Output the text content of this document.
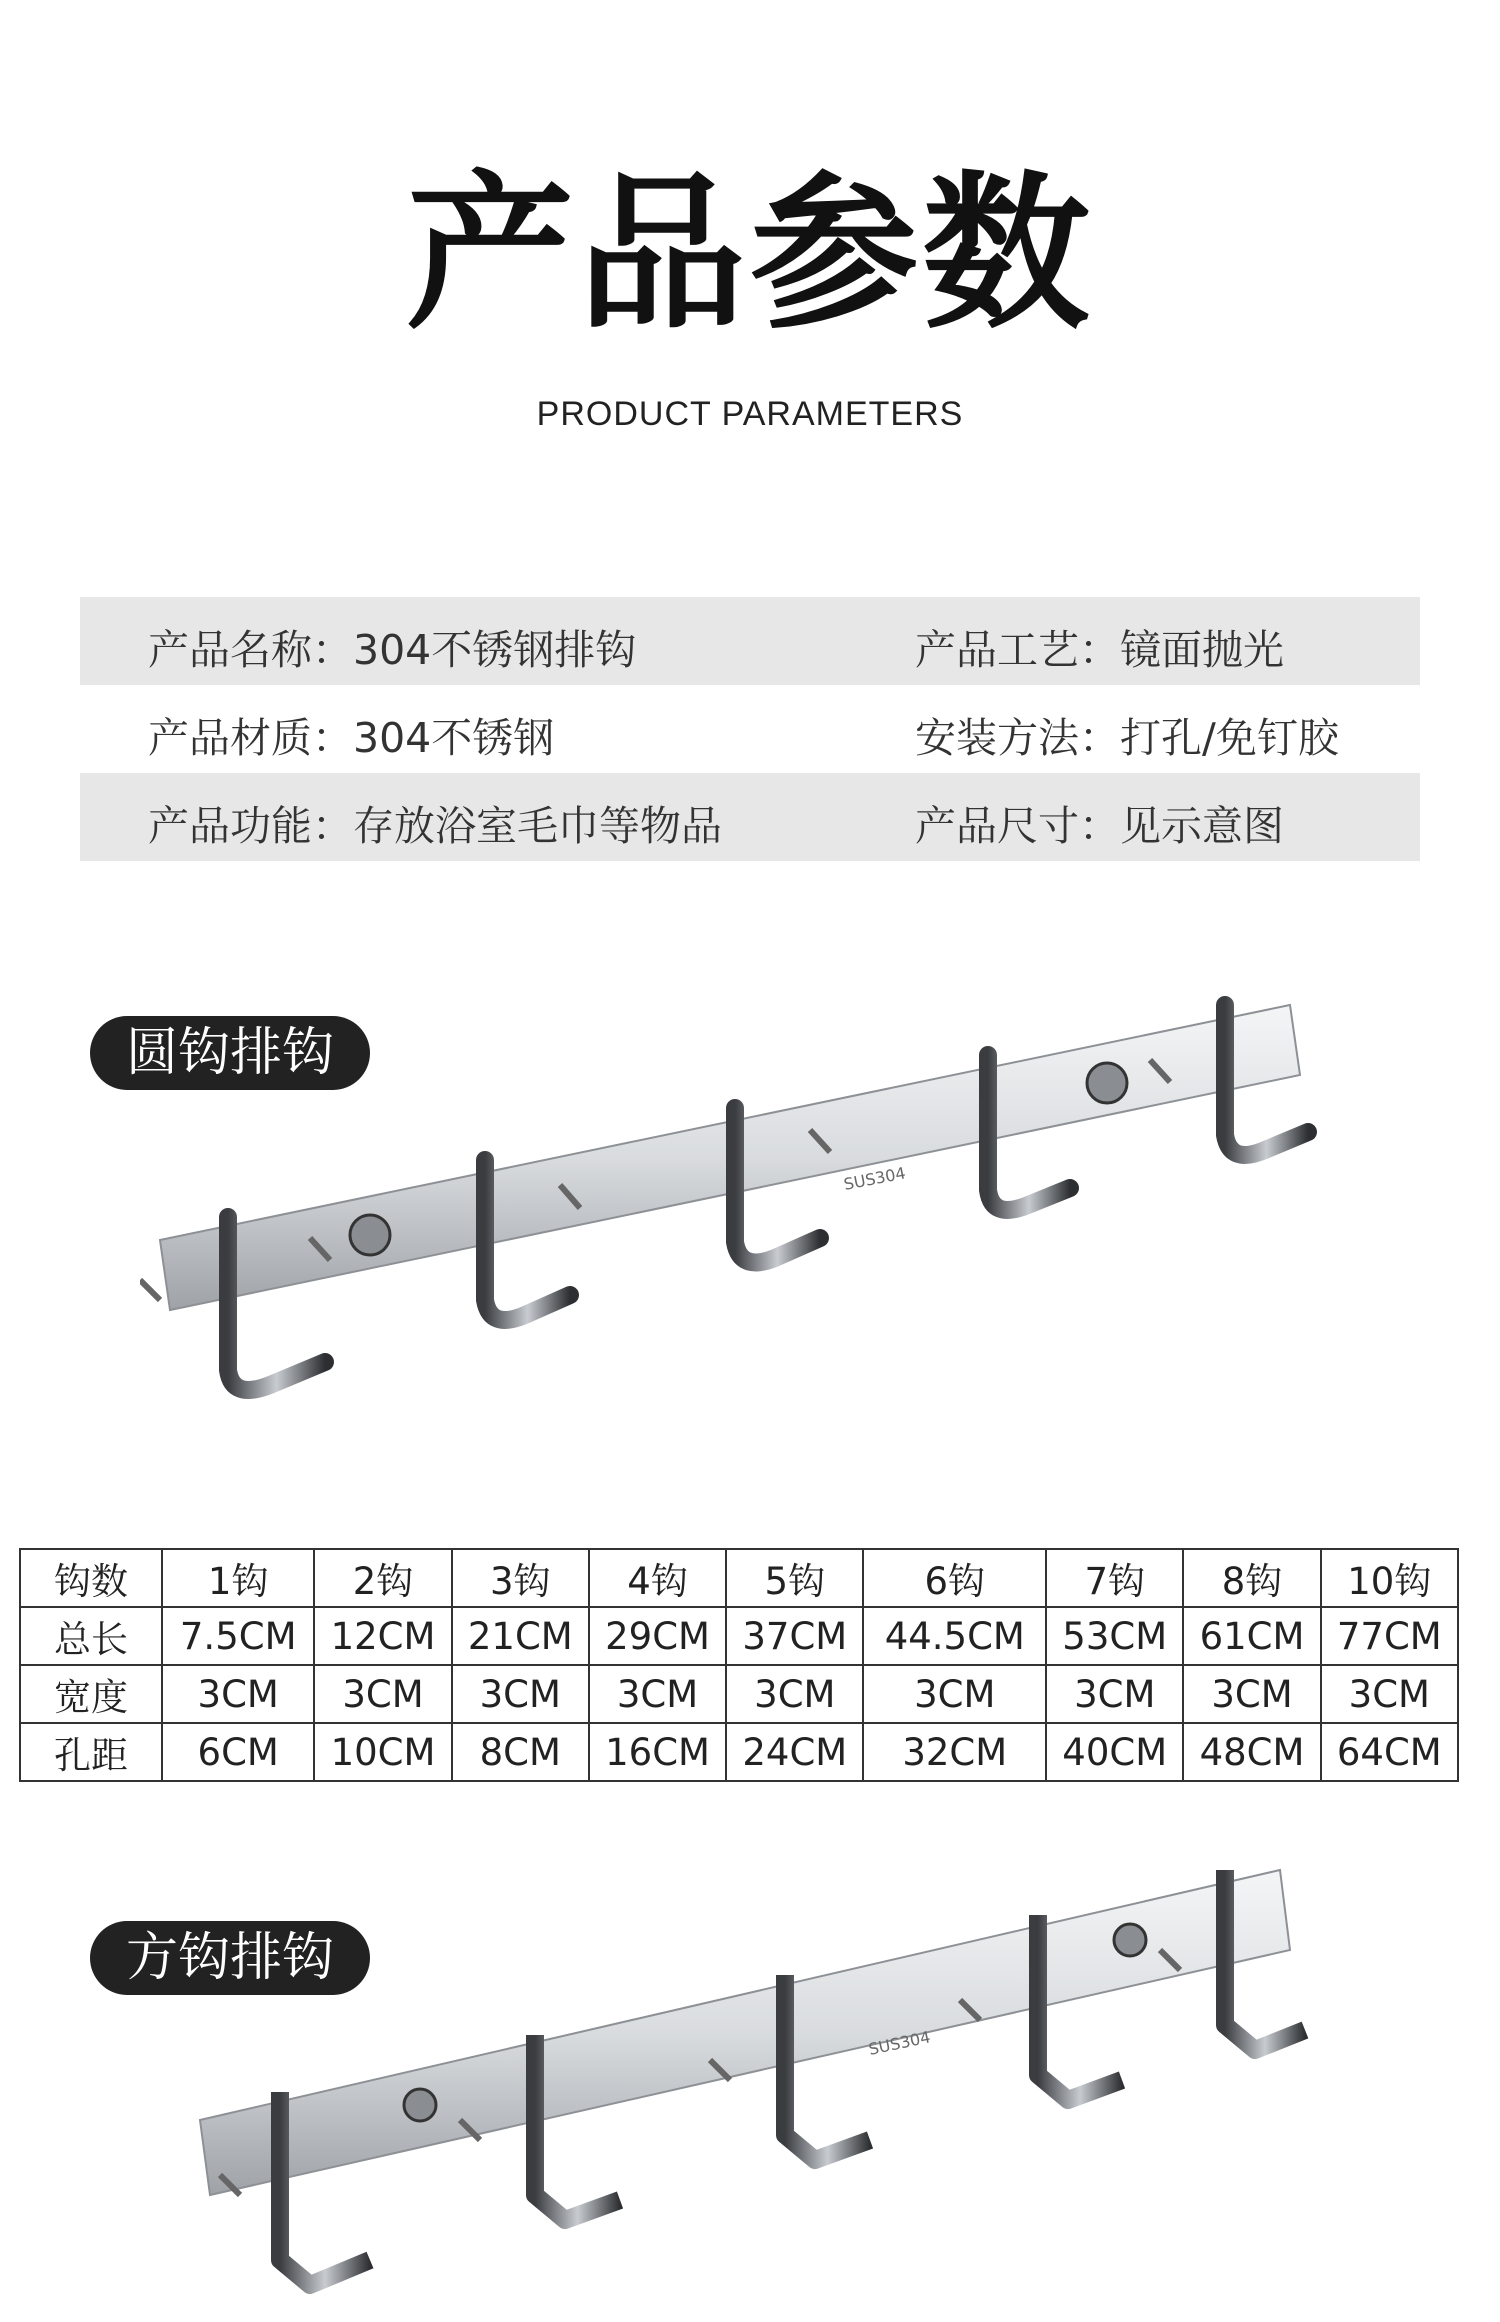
产品参数
PRODUCT PARAMETERS
产品名称：304不锈钢排钩	产品工艺：镜面抛光
产品材质：304不锈钢	安装方法：打孔/免钉胶
产品功能：存放浴室毛巾等物品	产品尺寸：见示意图
SUS304
圆钩排钩
钩数	1钩	2钩	3钩	4钩	5钩	6钩	7钩	8钩	10钩
总长	7.5CM	12CM	21CM	29CM	37CM	44.5CM	53CM	61CM	77CM
宽度	3CM	3CM	3CM	3CM	3CM	3CM	3CM	3CM	3CM
孔距	6CM	10CM	8CM	16CM	24CM	32CM	40CM	48CM	64CM
SUS304
方钩排钩
